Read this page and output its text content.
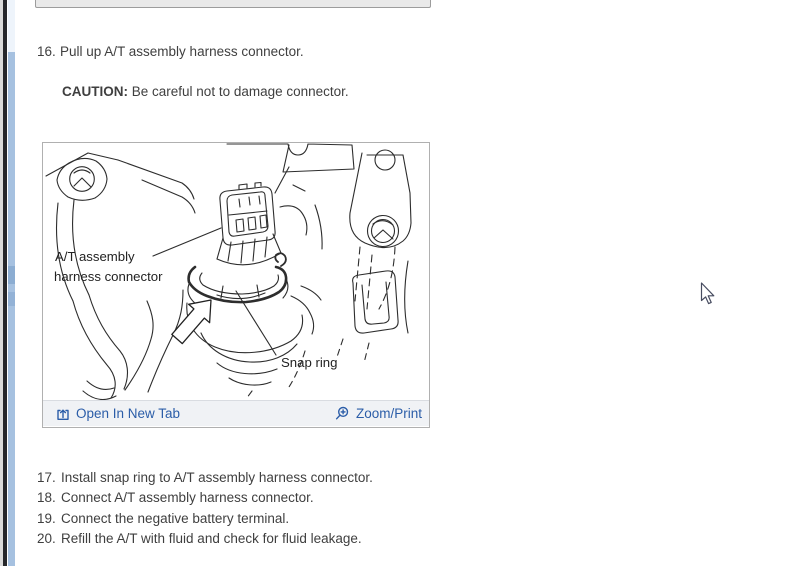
16. Pull up A/T assembly harness connector.
CAUTION: Be careful not to damage connector.
A/T assembly
harness connector
Snap ring
Open In New Tab	Zoom/Print
17. Install snap ring to A/T assembly harness connector.
18. Connect A/T assembly harness connector.
19. Connect the negative battery terminal.
20. Refill the A/T with fluid and check for fluid leakage.
